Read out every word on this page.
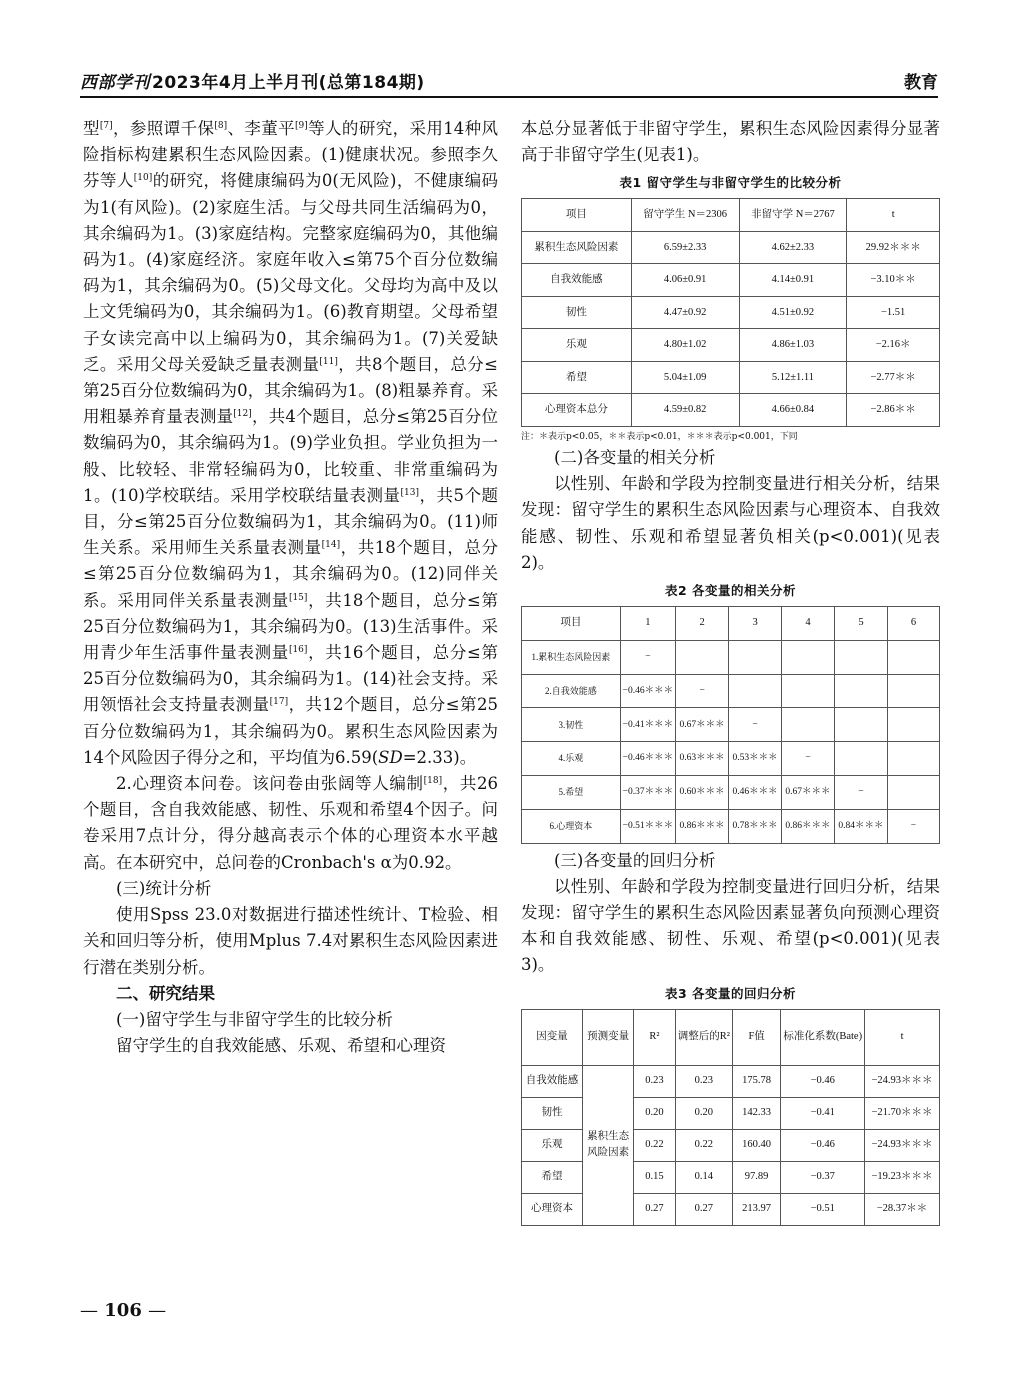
西部学刊 2023年4月上半月刊(总第184期)	教育

型[7]，参照谭千保[8]、李董平[9]等人的研究，采用14种风险指标构建累积生态风险因素。(1)健康状况。参照李久芬等人[10]的研究，将健康编码为0(无风险)，不健康编码为1(有风险)。(2)家庭生活。与父母共同生活编码为0，其余编码为1。(3)家庭结构。完整家庭编码为0，其他编码为1。(4)家庭经济。家庭年收入≤第75个百分位数编码为1，其余编码为0。(5)父母文化。父母均为高中及以上文凭编码为0，其余编码为1。(6)教育期望。父母希望子女读完高中以上编码为0，其余编码为1。(7)关爱缺乏。采用父母关爱缺乏量表测量[11]，共8个题目，总分≤第25百分位数编码为0，其余编码为1。(8)粗暴养育。采用粗暴养育量表测量[12]，共4个题目，总分≤第25百分位数编码为0，其余编码为1。(9)学业负担。学业负担为一般、比较轻、非常轻编码为0，比较重、非常重编码为1。(10)学校联结。采用学校联结量表测量[13]，共5个题目，分≤第25百分位数编码为1，其余编码为0。(11)师生关系。采用师生关系量表测量[14]，共18个题目，总分≤第25百分位数编码为1，其余编码为0。(12)同伴关系。采用同伴关系量表测量[15]，共18个题目，总分≤第25百分位数编码为1，其余编码为0。(13)生活事件。采用青少年生活事件量表测量[16]，共16个题目，总分≤第25百分位数编码为0，其余编码为1。(14)社会支持。采用领悟社会支持量表测量[17]，共12个题目，总分≤第25百分位数编码为1，其余编码为0。累积生态风险因素为14个风险因子得分之和，平均值为6.59(SD=2.33)。

2.心理资本问卷。该问卷由张阔等人编制[18]，共26个题目，含自我效能感、韧性、乐观和希望4个因子。问卷采用7点计分，得分越高表示个体的心理资本水平越高。在本研究中，总问卷的Cronbach's α为0.92。

(三)统计分析

使用Spss 23.0对数据进行描述性统计、T检验、相关和回归等分析，使用Mplus 7.4对累积生态风险因素进行潜在类别分析。

二、研究结果

(一)留守学生与非留守学生的比较分析

留守学生的自我效能感、乐观、希望和心理资

本总分显著低于非留守学生，累积生态风险因素得分显著高于非留守学生(见表1)。

表1 留守学生与非留守学生的比较分析
项目	留守学生 N＝2306	非留守学 N＝2767	t
累积生态风险因素	6.59±2.33	4.62±2.33	29.92＊＊＊
自我效能感	4.06±0.91	4.14±0.91	−3.10＊＊
韧性	4.47±0.92	4.51±0.92	−1.51
乐观	4.80±1.02	4.86±1.03	−2.16＊
希望	5.04±1.09	5.12±1.11	−2.77＊＊
心理资本总分	4.59±0.82	4.66±0.84	−2.86＊＊
注：＊表示p<0.05，＊＊表示p<0.01，＊＊＊表示p<0.001，下同

(二)各变量的相关分析

以性别、年龄和学段为控制变量进行相关分析，结果发现：留守学生的累积生态风险因素与心理资本、自我效能感、韧性、乐观和希望显著负相关(p<0.001)(见表2)。

表2 各变量的相关分析
项目	1	2	3	4	5	6
1.累积生态风险因素	−					
2.自我效能感	−0.46＊＊＊	−				
3.韧性	−0.41＊＊＊	0.67＊＊＊	−			
4.乐观	−0.46＊＊＊	0.63＊＊＊	0.53＊＊＊	−		
5.希望	−0.37＊＊＊	0.60＊＊＊	0.46＊＊＊	0.67＊＊＊	−	
6.心理资本	−0.51＊＊＊	0.86＊＊＊	0.78＊＊＊	0.86＊＊＊	0.84＊＊＊	−

(三)各变量的回归分析

以性别、年龄和学段为控制变量进行回归分析，结果发现：留守学生的累积生态风险因素显著负向预测心理资本和自我效能感、韧性、乐观、希望(p<0.001)(见表3)。

表3 各变量的回归分析
因变量	预测变量	R²	调整后的R²	F值	标准化系数(Bate)	t
自我效能感	累积生态风险因素	0.23	0.23	175.78	−0.46	−24.93＊＊＊
韧性		0.20	0.20	142.33	−0.41	−21.70＊＊＊
乐观		0.22	0.22	160.40	−0.46	−24.93＊＊＊
希望		0.15	0.14	97.89	−0.37	−19.23＊＊＊
心理资本		0.27	0.27	213.97	−0.51	−28.37＊＊
— 106 —
